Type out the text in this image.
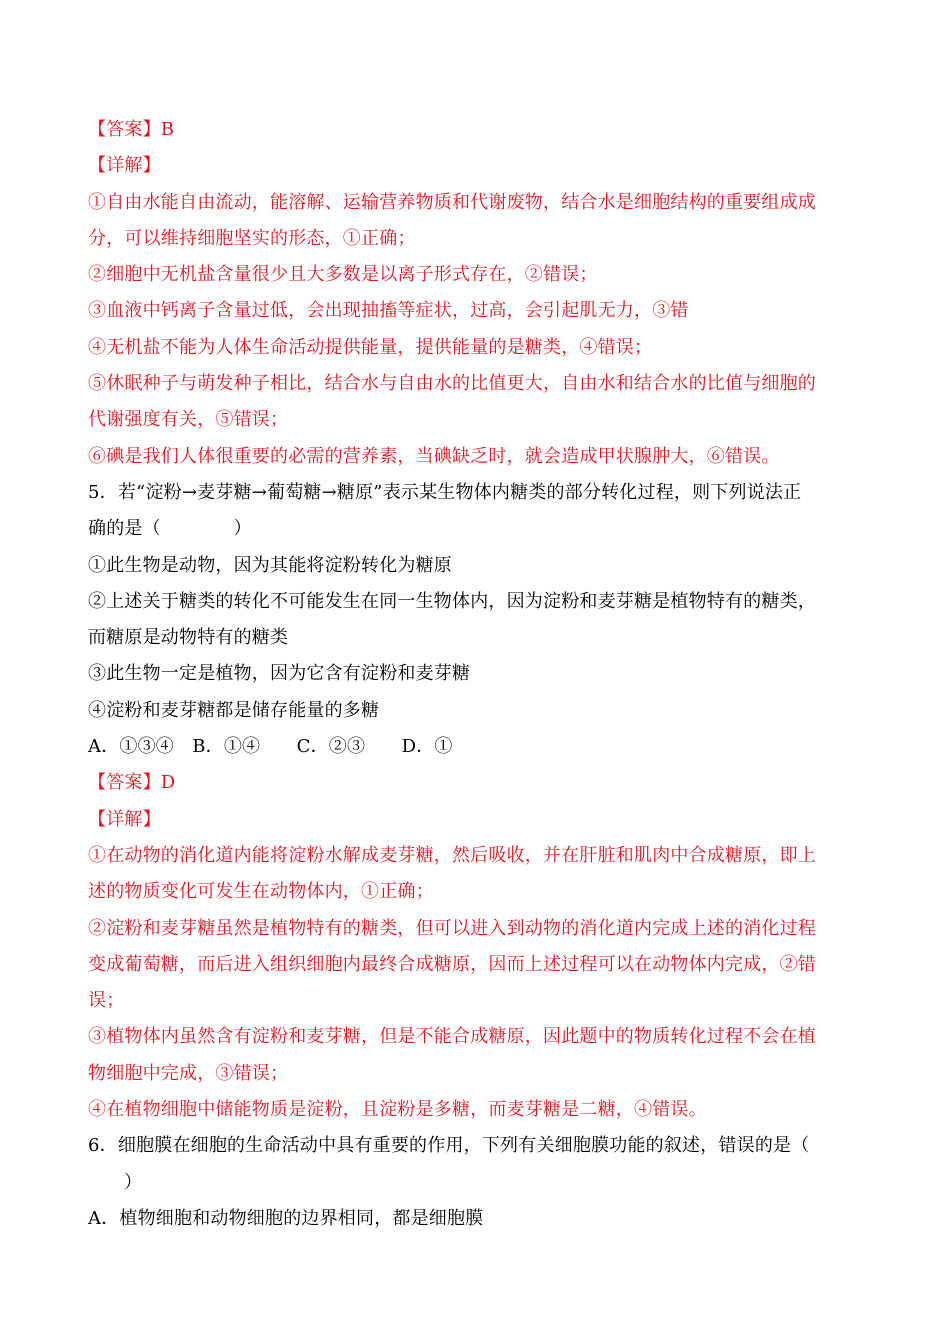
【答案】B
【详解】
①自由水能自由流动，能溶解、运输营养物质和代谢废物，结合水是细胞结构的重要组成成
分，可以维持细胞坚实的形态，①正确；
②细胞中无机盐含量很少且大多数是以离子形式存在，②错误；
③血液中钙离子含量过低，会出现抽搐等症状，过高，会引起肌无力，③错
④无机盐不能为人体生命活动提供能量，提供能量的是糖类，④错误；
⑤休眠种子与萌发种子相比，结合水与自由水的比值更大，自由水和结合水的比值与细胞的
代谢强度有关，⑤错误；
⑥碘是我们人体很重要的必需的营养素，当碘缺乏时，就会造成甲状腺肿大，⑥错误。
5．若“淀粉→麦芽糖→葡萄糖→糖原”表示某生物体内糖类的部分转化过程，则下列说法正
确的是（　　　　）
①此生物是动物，因为其能将淀粉转化为糖原
②上述关于糖类的转化不可能发生在同一生物体内，因为淀粉和麦芽糖是植物特有的糖类，
而糖原是动物特有的糖类
③此生物一定是植物，因为它含有淀粉和麦芽糖
④淀粉和麦芽糖都是储存能量的多糖
A．①③④　B．①④　　C．②③　　D．①
【答案】D
【详解】
①在动物的消化道内能将淀粉水解成麦芽糖，然后吸收，并在肝脏和肌肉中合成糖原，即上
述的物质变化可发生在动物体内，①正确；
②淀粉和麦芽糖虽然是植物特有的糖类，但可以进入到动物的消化道内完成上述的消化过程
变成葡萄糖，而后进入组织细胞内最终合成糖原，因而上述过程可以在动物体内完成，②错
误；
③植物体内虽然含有淀粉和麦芽糖，但是不能合成糖原，因此题中的物质转化过程不会在植
物细胞中完成，③错误；
④在植物细胞中储能物质是淀粉，且淀粉是多糖，而麦芽糖是二糖，④错误。
6．细胞膜在细胞的生命活动中具有重要的作用，下列有关细胞膜功能的叙述，错误的是（
）
A．植物细胞和动物细胞的边界相同，都是细胞膜
